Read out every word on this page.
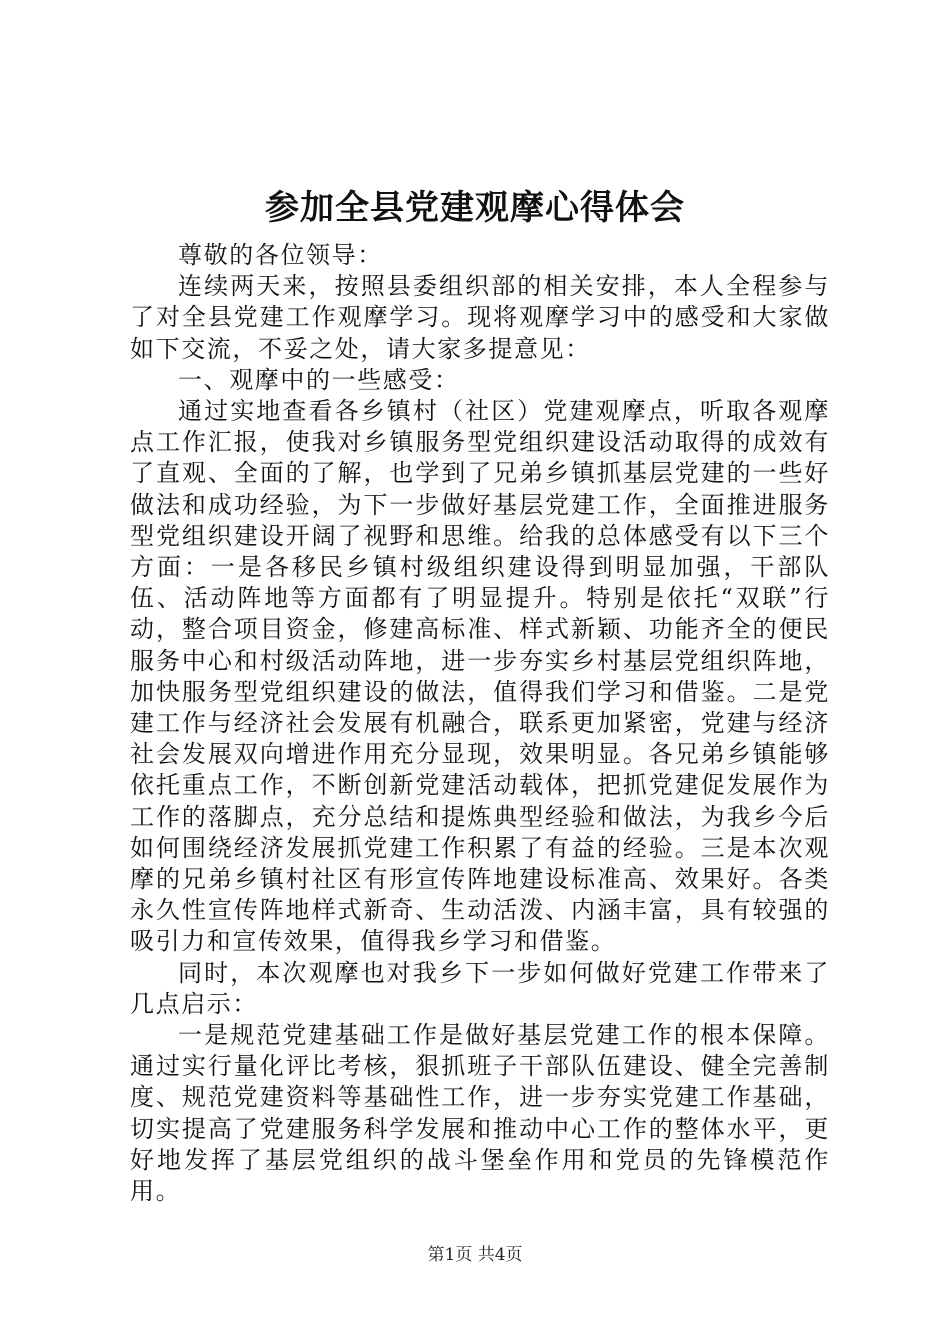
参加全县党建观摩心得体会

尊敬的各位领导：

连续两天来，按照县委组织部的相关安排，本人全程参与了对全县党建工作观摩学习。现将观摩学习中的感受和大家做如下交流，不妥之处，请大家多提意见：

一、观摩中的一些感受：

通过实地查看各乡镇村（社区）党建观摩点，听取各观摩点工作汇报，使我对乡镇服务型党组织建设活动取得的成效有了直观、全面的了解，也学到了兄弟乡镇抓基层党建的一些好做法和成功经验，为下一步做好基层党建工作，全面推进服务型党组织建设开阔了视野和思维。给我的总体感受有以下三个方面：一是各移民乡镇村级组织建设得到明显加强，干部队伍、活动阵地等方面都有了明显提升。特别是依托“双联”行动，整合项目资金，修建高标准、样式新颖、功能齐全的便民服务中心和村级活动阵地，进一步夯实乡村基层党组织阵地，加快服务型党组织建设的做法，值得我们学习和借鉴。二是党建工作与经济社会发展有机融合，联系更加紧密，党建与经济社会发展双向增进作用充分显现，效果明显。各兄弟乡镇能够依托重点工作，不断创新党建活动载体，把抓党建促发展作为工作的落脚点，充分总结和提炼典型经验和做法，为我乡今后如何围绕经济发展抓党建工作积累了有益的经验。三是本次观摩的兄弟乡镇村社区有形宣传阵地建设标准高、效果好。各类永久性宣传阵地样式新奇、生动活泼、内涵丰富，具有较强的吸引力和宣传效果，值得我乡学习和借鉴。

同时，本次观摩也对我乡下一步如何做好党建工作带来了几点启示：

一是规范党建基础工作是做好基层党建工作的根本保障。通过实行量化评比考核，狠抓班子干部队伍建设、健全完善制度、规范党建资料等基础性工作，进一步夯实党建工作基础，切实提高了党建服务科学发展和推动中心工作的整体水平，更好地发挥了基层党组织的战斗堡垒作用和党员的先锋模范作用。

第1页 共4页
